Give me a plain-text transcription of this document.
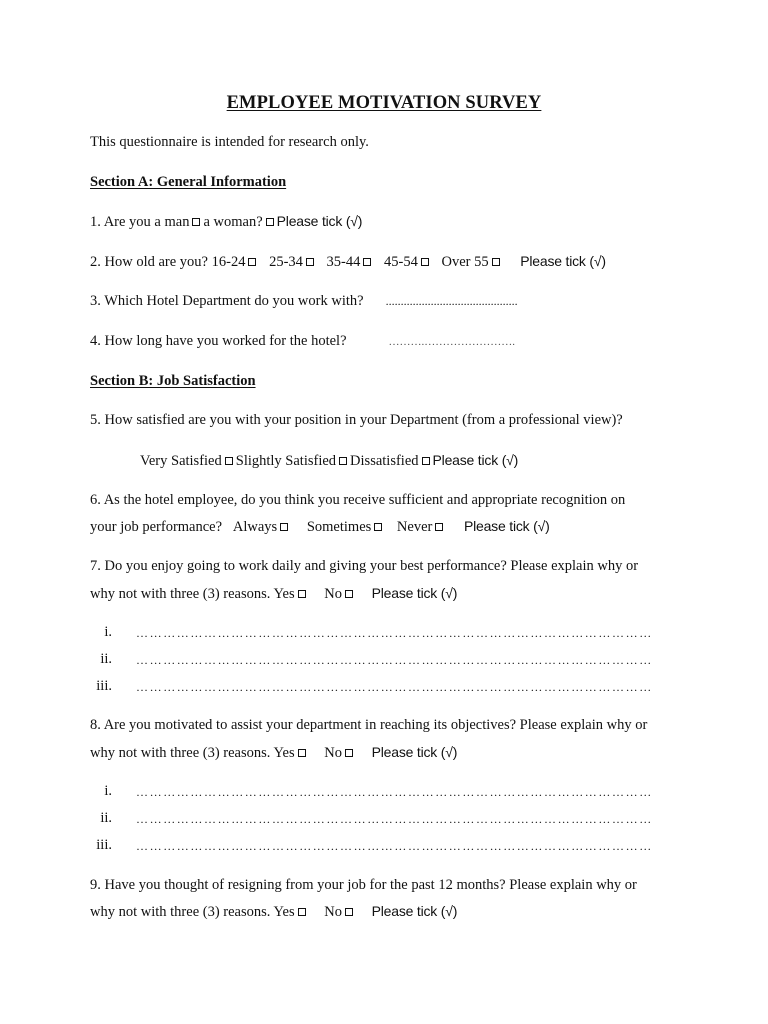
EMPLOYEE MOTIVATION SURVEY
This questionnaire is intended for research only.
Section A: General Information
1. Are you a man a woman? Please tick (√)
2. How old are you? 16-24 25-34 35-44 45-54 Over 55 Please tick (√)
3. Which Hotel Department do you work with? ............................................
4. How long have you worked for the hotel?	……….…………………….
Section B: Job Satisfaction
5. How satisfied are you with your position in your Department (from a professional view)?
Very Satisfied Slightly Satisfied Dissatisfied Please tick (√)
6. As the hotel employee, do you think you receive sufficient and appropriate recognition on
your job performance? Always Sometimes Never Please tick (√)
7. Do you enjoy going to work daily and giving your best performance? Please explain why or
why not with three (3) reasons. Yes No Please tick (√)
i. ……………………………………………………………………………………………………
ii. ……………………………………………………………………………………………………
iii. ……………………………………………………………………………………………………
8. Are you motivated to assist your department in reaching its objectives? Please explain why or
why not with three (3) reasons. Yes No Please tick (√)
i. ……………………………………………………………………………………………………
ii. ……………………………………………………………………………………………………
iii. ……………………………………………………………………………………………………
9. Have you thought of resigning from your job for the past 12 months? Please explain why or
why not with three (3) reasons. Yes No Please tick (√)
